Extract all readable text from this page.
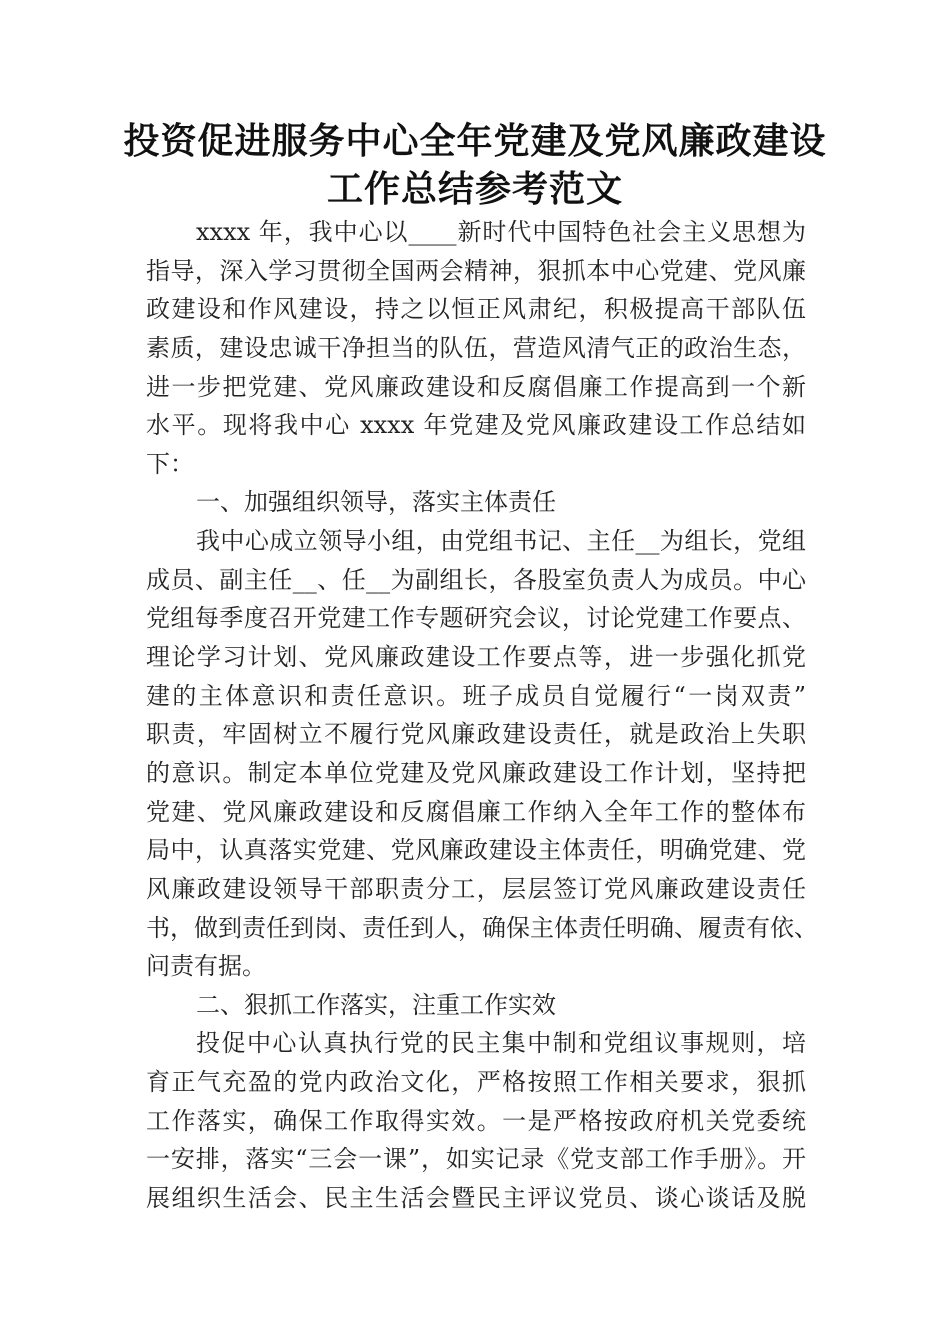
投资促进服务中心全年党建及党风廉政建设
工作总结参考范文
xxxx 年，我中心以____新时代中国特色社会主义思想为
指导，深入学习贯彻全国两会精神，狠抓本中心党建、党风廉
政建设和作风建设，持之以恒正风肃纪，积极提高干部队伍
素质，建设忠诚干净担当的队伍，营造风清气正的政治生态，
进一步把党建、党风廉政建设和反腐倡廉工作提高到一个新
水平。现将我中心 xxxx 年党建及党风廉政建设工作总结如
下：
一、加强组织领导，落实主体责任
我中心成立领导小组，由党组书记、主任__为组长，党组
成员、副主任__、任__为副组长，各股室负责人为成员。中心
党组每季度召开党建工作专题研究会议，讨论党建工作要点、
理论学习计划、党风廉政建设工作要点等，进一步强化抓党
建的主体意识和责任意识。班子成员自觉履行“一岗双责”
职责，牢固树立不履行党风廉政建设责任，就是政治上失职
的意识。制定本单位党建及党风廉政建设工作计划，坚持把
党建、党风廉政建设和反腐倡廉工作纳入全年工作的整体布
局中，认真落实党建、党风廉政建设主体责任，明确党建、党
风廉政建设领导干部职责分工，层层签订党风廉政建设责任
书，做到责任到岗、责任到人，确保主体责任明确、履责有依、
问责有据。
二、狠抓工作落实，注重工作实效
投促中心认真执行党的民主集中制和党组议事规则，培
育正气充盈的党内政治文化，严格按照工作相关要求，狠抓
工作落实，确保工作取得实效。一是严格按政府机关党委统
一安排，落实“三会一课”，如实记录《党支部工作手册》。开
展组织生活会、民主生活会暨民主评议党员、谈心谈话及脱
